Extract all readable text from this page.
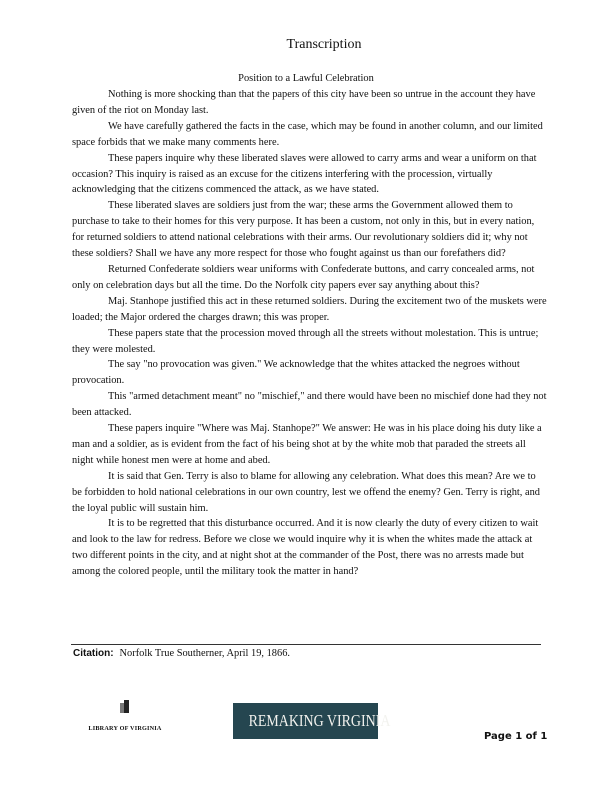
Transcription
Position to a Lawful Celebration

Nothing is more shocking than that the papers of this city have been so untrue in the account they have given of the riot on Monday last.

We have carefully gathered the facts in the case, which may be found in another column, and our limited space forbids that we make many comments here.

These papers inquire why these liberated slaves were allowed to carry arms and wear a uniform on that occasion? This inquiry is raised as an excuse for the citizens interfering with the procession, virtually acknowledging that the citizens commenced the attack, as we have stated.

These liberated slaves are soldiers just from the war; these arms the Government allowed them to purchase to take to their homes for this very purpose. It has been a custom, not only in this, but in every nation, for returned soldiers to attend national celebrations with their arms. Our revolutionary soldiers did it; why not these soldiers? Shall we have any more respect for those who fought against us than our forefathers did?

Returned Confederate soldiers wear uniforms with Confederate buttons, and carry concealed arms, not only on celebration days but all the time. Do the Norfolk city papers ever say anything about this?

Maj. Stanhope justified this act in these returned soldiers. During the excitement two of the muskets were loaded; the Major ordered the charges drawn; this was proper.

These papers state that the procession moved through all the streets without molestation. This is untrue; they were molested.

The say "no provocation was given." We acknowledge that the whites attacked the negroes without provocation.

This "armed detachment meant" no "mischief," and there would have been no mischief done had they not been attacked.

These papers inquire "Where was Maj. Stanhope?" We answer: He was in his place doing his duty like a man and a soldier, as is evident from the fact of his being shot at by the white mob that paraded the streets all night while honest men were at home and abed.

It is said that Gen. Terry is also to blame for allowing any celebration. What does this mean? Are we to be forbidden to hold national celebrations in our own country, lest we offend the enemy? Gen. Terry is right, and the loyal public will sustain him.

It is to be regretted that this disturbance occurred. And it is now clearly the duty of every citizen to wait and look to the law for redress. Before we close we would inquire why it is when the whites made the attack at two different points in the city, and at night shot at the commander of the Post, there was no arrests made but among the colored people, until the military took the matter in hand?

Citation: Norfolk True Southerner, April 19, 1866.
LIBRARY OF VIRGINIA	REMAKING VIRGINIA
Page 1 of 1
